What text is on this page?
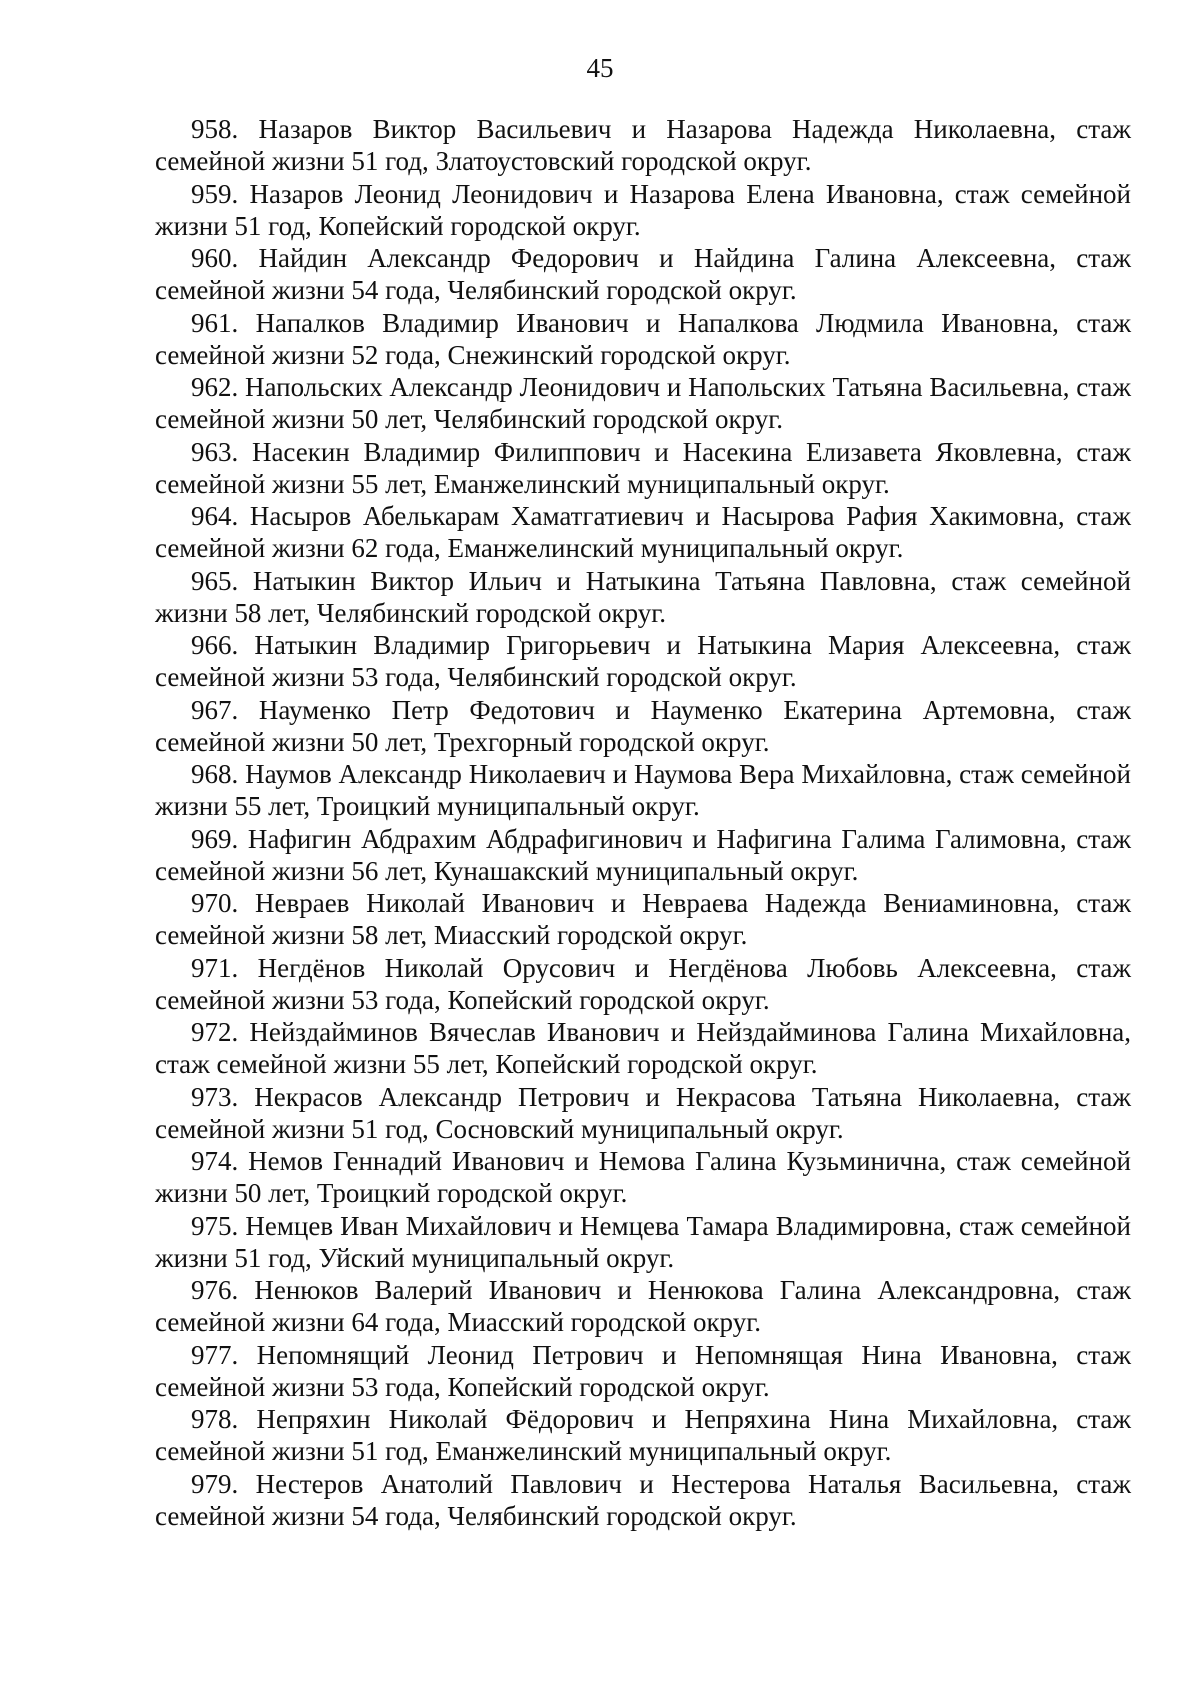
45

958. Назаров Виктор Васильевич и Назарова Надежда Николаевна, стаж семейной жизни 51 год, Златоустовский городской округ.

959. Назаров Леонид Леонидович и Назарова Елена Ивановна, стаж семейной жизни 51 год, Копейский городской округ.

960. Найдин Александр Федорович и Найдина Галина Алексеевна, стаж семейной жизни 54 года, Челябинский городской округ.

961. Напалков Владимир Иванович и Напалкова Людмила Ивановна, стаж семейной жизни 52 года, Снежинский городской округ.

962. Напольских Александр Леонидович и Напольских Татьяна Васильевна, стаж семейной жизни 50 лет, Челябинский городской округ.

963. Насекин Владимир Филиппович и Насекина Елизавета Яковлевна, стаж семейной жизни 55 лет, Еманжелинский муниципальный округ.

964. Насыров Абелькарам Хаматгатиевич и Насырова Рафия Хакимовна, стаж семейной жизни 62 года, Еманжелинский муниципальный округ.

965. Натыкин Виктор Ильич и Натыкина Татьяна Павловна, стаж семейной жизни 58 лет, Челябинский городской округ.

966. Натыкин Владимир Григорьевич и Натыкина Мария Алексеевна, стаж семейной жизни 53 года, Челябинский городской округ.

967. Науменко Петр Федотович и Науменко Екатерина Артемовна, стаж семейной жизни 50 лет, Трехгорный городской округ.

968. Наумов Александр Николаевич и Наумова Вера Михайловна, стаж семейной жизни 55 лет, Троицкий муниципальный округ.

969. Нафигин Абдрахим Абдрафигинович и Нафигина Галима Галимовна, стаж семейной жизни 56 лет, Кунашакский муниципальный округ.

970. Невраев Николай Иванович и Невраева Надежда Вениаминовна, стаж семейной жизни 58 лет, Миасский городской округ.

971. Негдёнов Николай Орусович и Негдёнова Любовь Алексеевна, стаж семейной жизни 53 года, Копейский городской округ.

972. Нейздайминов Вячеслав Иванович и Нейздайминова Галина Михайловна, стаж семейной жизни 55 лет, Копейский городской округ.

973. Некрасов Александр Петрович и Некрасова Татьяна Николаевна, стаж семейной жизни 51 год, Сосновский муниципальный округ.

974. Немов Геннадий Иванович и Немова Галина Кузьминична, стаж семейной жизни 50 лет, Троицкий городской округ.

975. Немцев Иван Михайлович и Немцева Тамара Владимировна, стаж семейной жизни 51 год, Уйский муниципальный округ.

976. Ненюков Валерий Иванович и Ненюкова Галина Александровна, стаж семейной жизни 64 года, Миасский городской округ.

977. Непомнящий Леонид Петрович и Непомнящая Нина Ивановна, стаж семейной жизни 53 года, Копейский городской округ.

978. Непряхин Николай Фёдорович и Непряхина Нина Михайловна, стаж семейной жизни 51 год, Еманжелинский муниципальный округ.

979. Нестеров Анатолий Павлович и Нестерова Наталья Васильевна, стаж семейной жизни 54 года, Челябинский городской округ.
